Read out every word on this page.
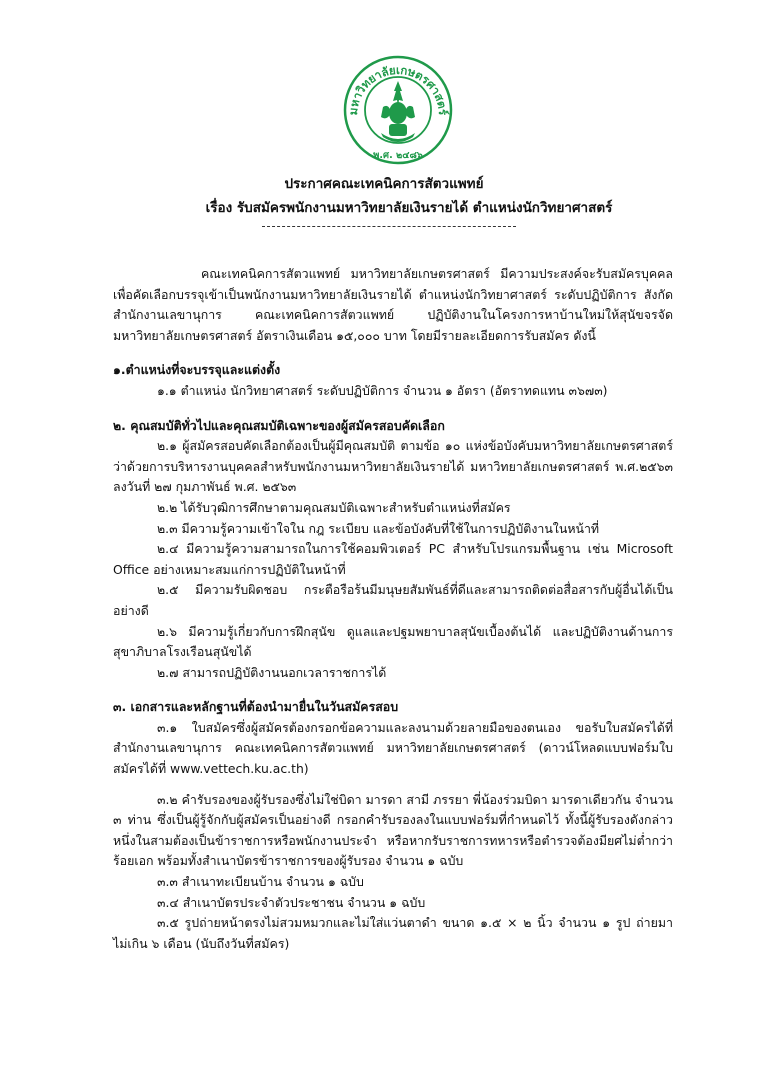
มหาวิทยาลัยเกษตรศาสตร์
พ.ศ. ๒๔๘๖
ประกาศคณะเทคนิคการสัตวแพทย์
เรื่อง รับสมัครพนักงานมหาวิทยาลัยเงินรายได้ ตำแหน่งนักวิทยาศาสตร์

คณะเทคนิคการสัตวแพทย์ มหาวิทยาลัยเกษตรศาสตร์ มีความประสงค์จะรับสมัครบุคคลเพื่อคัดเลือกบรรจุเข้าเป็นพนักงานมหาวิทยาลัยเงินรายได้ ตำแหน่งนักวิทยาศาสตร์ ระดับปฏิบัติการ สังกัดสำนักงานเลขานุการ คณะเทคนิคการสัตวแพทย์ ปฏิบัติงานในโครงการหาบ้านใหม่ให้สุนัขจรจัด มหาวิทยาลัยเกษตรศาสตร์ อัตราเงินเดือน ๑๕,๐๐๐ บาท โดยมีรายละเอียดการรับสมัคร ดังนี้

๑.ตำแหน่งที่จะบรรจุและแต่งตั้ง

๑.๑ ตำแหน่ง นักวิทยาศาสตร์ ระดับปฏิบัติการ จำนวน ๑ อัตรา (อัตราทดแทน ๓๖๗๓)

๒. คุณสมบัติทั่วไปและคุณสมบัติเฉพาะของผู้สมัครสอบคัดเลือก

๒.๑ ผู้สมัครสอบคัดเลือกต้องเป็นผู้มีคุณสมบัติ ตามข้อ ๑๐ แห่งข้อบังคับมหาวิทยาลัยเกษตรศาสตร์ ว่าด้วยการบริหารงานบุคคลสำหรับพนักงานมหาวิทยาลัยเงินรายได้ มหาวิทยาลัยเกษตรศาสตร์ พ.ศ.๒๕๖๓ ลงวันที่ ๒๗ กุมภาพันธ์ พ.ศ. ๒๕๖๓

๒.๒ ได้รับวุฒิการศึกษาตามคุณสมบัติเฉพาะสำหรับตำแหน่งที่สมัคร

๒.๓ มีความรู้ความเข้าใจใน กฎ ระเบียบ และข้อบังคับที่ใช้ในการปฏิบัติงานในหน้าที่

๒.๔ มีความรู้ความสามารถในการใช้คอมพิวเตอร์ PC สำหรับโปรแกรมพื้นฐาน เช่น Microsoft Office อย่างเหมาะสมแก่การปฏิบัติในหน้าที่

๒.๕ มีความรับผิดชอบ กระตือรือร้นมีมนุษยสัมพันธ์ที่ดีและสามารถติดต่อสื่อสารกับผู้อื่นได้เป็นอย่างดี

๒.๖ มีความรู้เกี่ยวกับการฝึกสุนัข ดูแลและปฐมพยาบาลสุนัขเบื้องต้นได้ และปฏิบัติงานด้านการสุขาภิบาลโรงเรือนสุนัขได้

๒.๗ สามารถปฏิบัติงานนอกเวลาราชการได้

๓. เอกสารและหลักฐานที่ต้องนำมายื่นในวันสมัครสอบ

๓.๑ ใบสมัครซึ่งผู้สมัครต้องกรอกข้อความและลงนามด้วยลายมือของตนเอง ขอรับใบสมัครได้ที่สำนักงานเลขานุการ คณะเทคนิคการสัตวแพทย์ มหาวิทยาลัยเกษตรศาสตร์ (ดาวน์โหลดแบบฟอร์มใบสมัครได้ที่ www.vettech.ku.ac.th)

๓.๒ คำรับรองของผู้รับรองซึ่งไม่ใช่บิดา มารดา สามี ภรรยา พี่น้องร่วมบิดา มารดาเดียวกัน จำนวน ๓ ท่าน ซึ่งเป็นผู้รู้จักกับผู้สมัครเป็นอย่างดี กรอกคำรับรองลงในแบบฟอร์มที่กำหนดไว้ ทั้งนี้ผู้รับรองดังกล่าวหนึ่งในสามต้องเป็นข้าราชการหรือพนักงานประจำ หรือหากรับราชการทหารหรือตำรวจต้องมียศไม่ต่ำกว่าร้อยเอก พร้อมทั้งสำเนาบัตรข้าราชการของผู้รับรอง จำนวน ๑ ฉบับ

๓.๓ สำเนาทะเบียนบ้าน จำนวน ๑ ฉบับ

๓.๔ สำเนาบัตรประจำตัวประชาชน จำนวน ๑ ฉบับ

๓.๕ รูปถ่ายหน้าตรงไม่สวมหมวกและไม่ใส่แว่นตาดำ ขนาด ๑.๕ × ๒ นิ้ว จำนวน ๑ รูป ถ่ายมา ไม่เกิน ๖ เดือน (นับถึงวันที่สมัคร)
